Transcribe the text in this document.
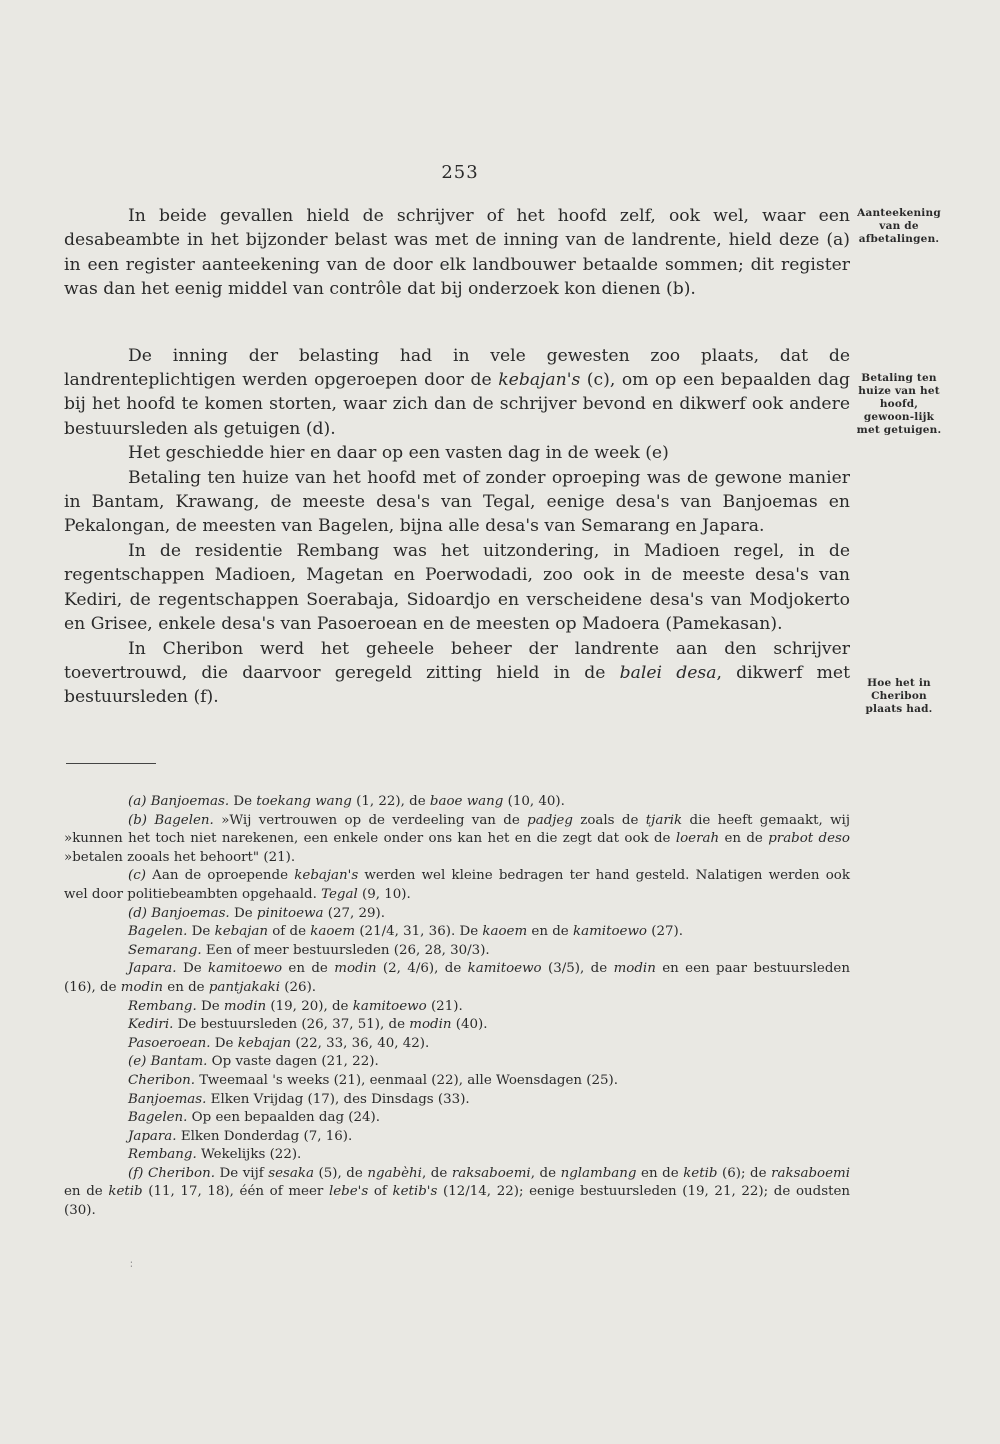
253
Aanteekening van de afbetalingen.
Betaling ten huize van het hoofd, gewoon-lijk met getuigen.
Hoe het in Cheribon plaats had.

In beide gevallen hield de schrijver of het hoofd zelf, ook wel, waar een desabeambte in het bijzonder belast was met de inning van de landrente, hield deze (a) in een register aanteekening van de door elk landbouwer betaalde sommen; dit register was dan het eenig middel van contrôle dat bij onderzoek kon dienen (b).

De inning der belasting had in vele gewesten zoo plaats, dat de landrenteplichtigen werden opgeroepen door de kebajan's (c), om op een bepaalden dag bij het hoofd te komen storten, waar zich dan de schrijver bevond en dikwerf ook andere bestuursleden als getuigen (d).

Het geschiedde hier en daar op een vasten dag in de week (e)

Betaling ten huize van het hoofd met of zonder oproeping was de gewone manier in Bantam, Krawang, de meeste desa's van Tegal, eenige desa's van Banjoemas en Pekalongan, de meesten van Bagelen, bijna alle desa's van Semarang en Japara.

In de residentie Rembang was het uitzondering, in Madioen regel, in de regentschappen Madioen, Magetan en Poerwodadi, zoo ook in de meeste desa's van Kediri, de regentschappen Soerabaja, Sidoardjo en verscheidene desa's van Modjokerto en Grisee, enkele desa's van Pasoeroean en de meesten op Madoera (Pamekasan).

In Cheribon werd het geheele beheer der landrente aan den schrijver toevertrouwd, die daarvoor geregeld zitting hield in de balei desa, dikwerf met bestuursleden (f).

(a) Banjoemas. De toekang wang (1, 22), de baoe wang (10, 40).

(b) Bagelen. »Wij vertrouwen op de verdeeling van de padjeg zoals de tjarik die heeft gemaakt, wij »kunnen het toch niet narekenen, een enkele onder ons kan het en die zegt dat ook de loerah en de prabot deso »betalen zooals het behoort" (21).

(c) Aan de oproepende kebajan's werden wel kleine bedragen ter hand gesteld. Nalatigen werden ook wel door politiebeambten opgehaald. Tegal (9, 10).

(d) Banjoemas. De pinitoewa (27, 29).

Bagelen. De kebajan of de kaoem (21/4, 31, 36). De kaoem en de kamitoewo (27).

Semarang. Een of meer bestuursleden (26, 28, 30/3).

Japara. De kamitoewo en de modin (2, 4/6), de kamitoewo (3/5), de modin en een paar bestuursleden (16), de modin en de pantjakaki (26).

Rembang. De modin (19, 20), de kamitoewo (21).

Kediri. De bestuursleden (26, 37, 51), de modin (40).

Pasoeroean. De kebajan (22, 33, 36, 40, 42).

(e) Bantam. Op vaste dagen (21, 22).

Cheribon. Tweemaal 's weeks (21), eenmaal (22), alle Woensdagen (25).

Banjoemas. Elken Vrijdag (17), des Dinsdags (33).

Bagelen. Op een bepaalden dag (24).

Japara. Elken Donderdag (7, 16).

Rembang. Wekelijks (22).

(f) Cheribon. De vijf sesaka (5), de ngabèhi, de raksaboemi, de nglambang en de ketib (6); de raksaboemi en de ketib (11, 17, 18), één of meer lebe's of ketib's (12/14, 22); eenige bestuursleden (19, 21, 22); de oudsten (30).

∶
